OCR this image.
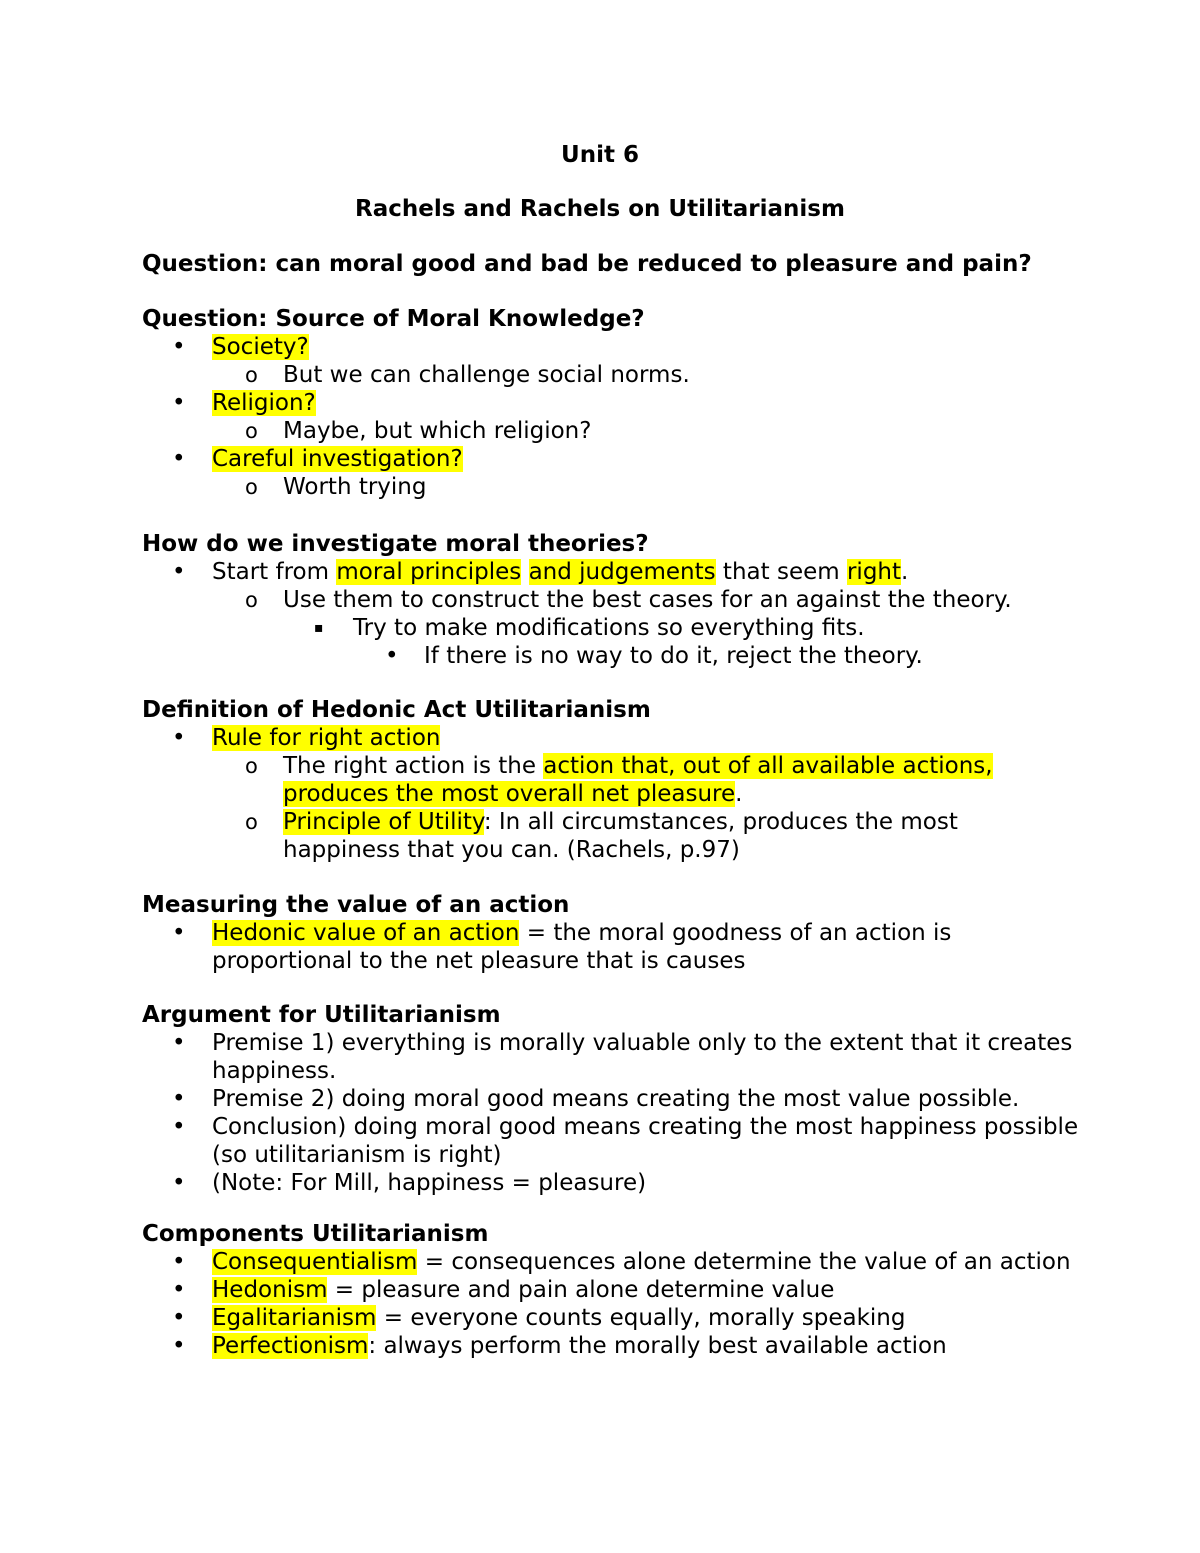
Unit 6
Rachels and Rachels on Utilitarianism
Question: can moral good and bad be reduced to pleasure and pain?
Question: Source of Moral Knowledge?
• Society?
o But we can challenge social norms.
• Religion?
o Maybe, but which religion?
• Careful investigation?
o Worth trying
How do we investigate moral theories?
• Start from moral principles and judgements that seem right.
o Use them to construct the best cases for an against the theory.
▪ Try to make modifications so everything fits.
• If there is no way to do it, reject the theory.
Definition of Hedonic Act Utilitarianism
• Rule for right action
o The right action is the action that, out of all available actions, produces the most overall net pleasure.
o Principle of Utility: In all circumstances, produces the most happiness that you can. (Rachels, p.97)
Measuring the value of an action
• Hedonic value of an action = the moral goodness of an action is proportional to the net pleasure that is causes
Argument for Utilitarianism
• Premise 1) everything is morally valuable only to the extent that it creates happiness.
• Premise 2) doing moral good means creating the most value possible.
• Conclusion) doing moral good means creating the most happiness possible (so utilitarianism is right)
• (Note: For Mill, happiness = pleasure)
Components Utilitarianism
• Consequentialism = consequences alone determine the value of an action
• Hedonism = pleasure and pain alone determine value
• Egalitarianism = everyone counts equally, morally speaking
• Perfectionism: always perform the morally best available action
